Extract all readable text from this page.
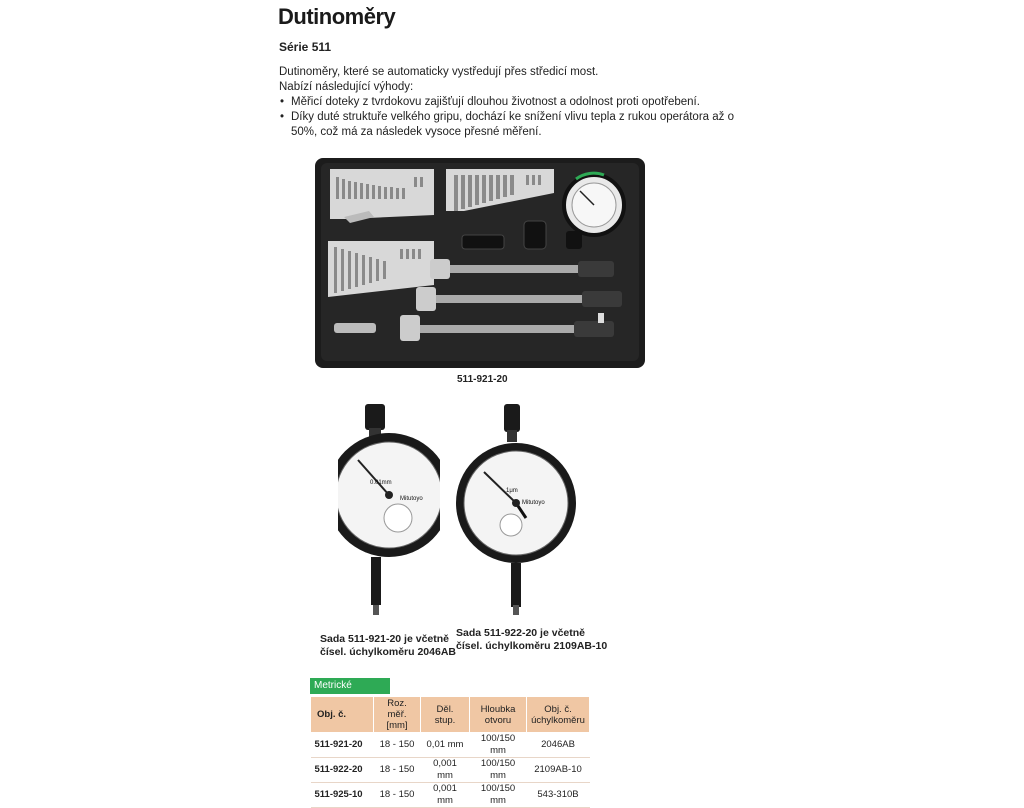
Dutinoměry
Série 511

Dutinoměry, které se automaticky vystředují přes středicí most.

Nabízí následující výhody:

• Měřicí doteky z tvrdokovu zajišťují dlouhou životnost a odolnost proti opotřebení.
• Díky duté struktuře velkého gripu, dochází ke snížení vlivu tepla z rukou operátora až o 50%, což má za následek vysoce přesné měření.
511-921-20
Mitutoyo
0.01mm
Sada 511-921-20 je včetně
čísel. úchylkoměru 2046AB
Mitutoyo
1μm
Sada 511-922-20 je včetně
čísel. úchylkoměru 2109AB-10
Metrické
Obj. č.	Roz. měř. [mm]	Děl. stup.	Hloubka otvoru	Obj. č. úchylkoměru
511-921-20	18 - 150	0,01 mm	100/150 mm	2046AB
511-922-20	18 - 150	0,001 mm	100/150 mm	2109AB-10
511-925-10	18 - 150	0,001 mm	100/150 mm	543-310B
